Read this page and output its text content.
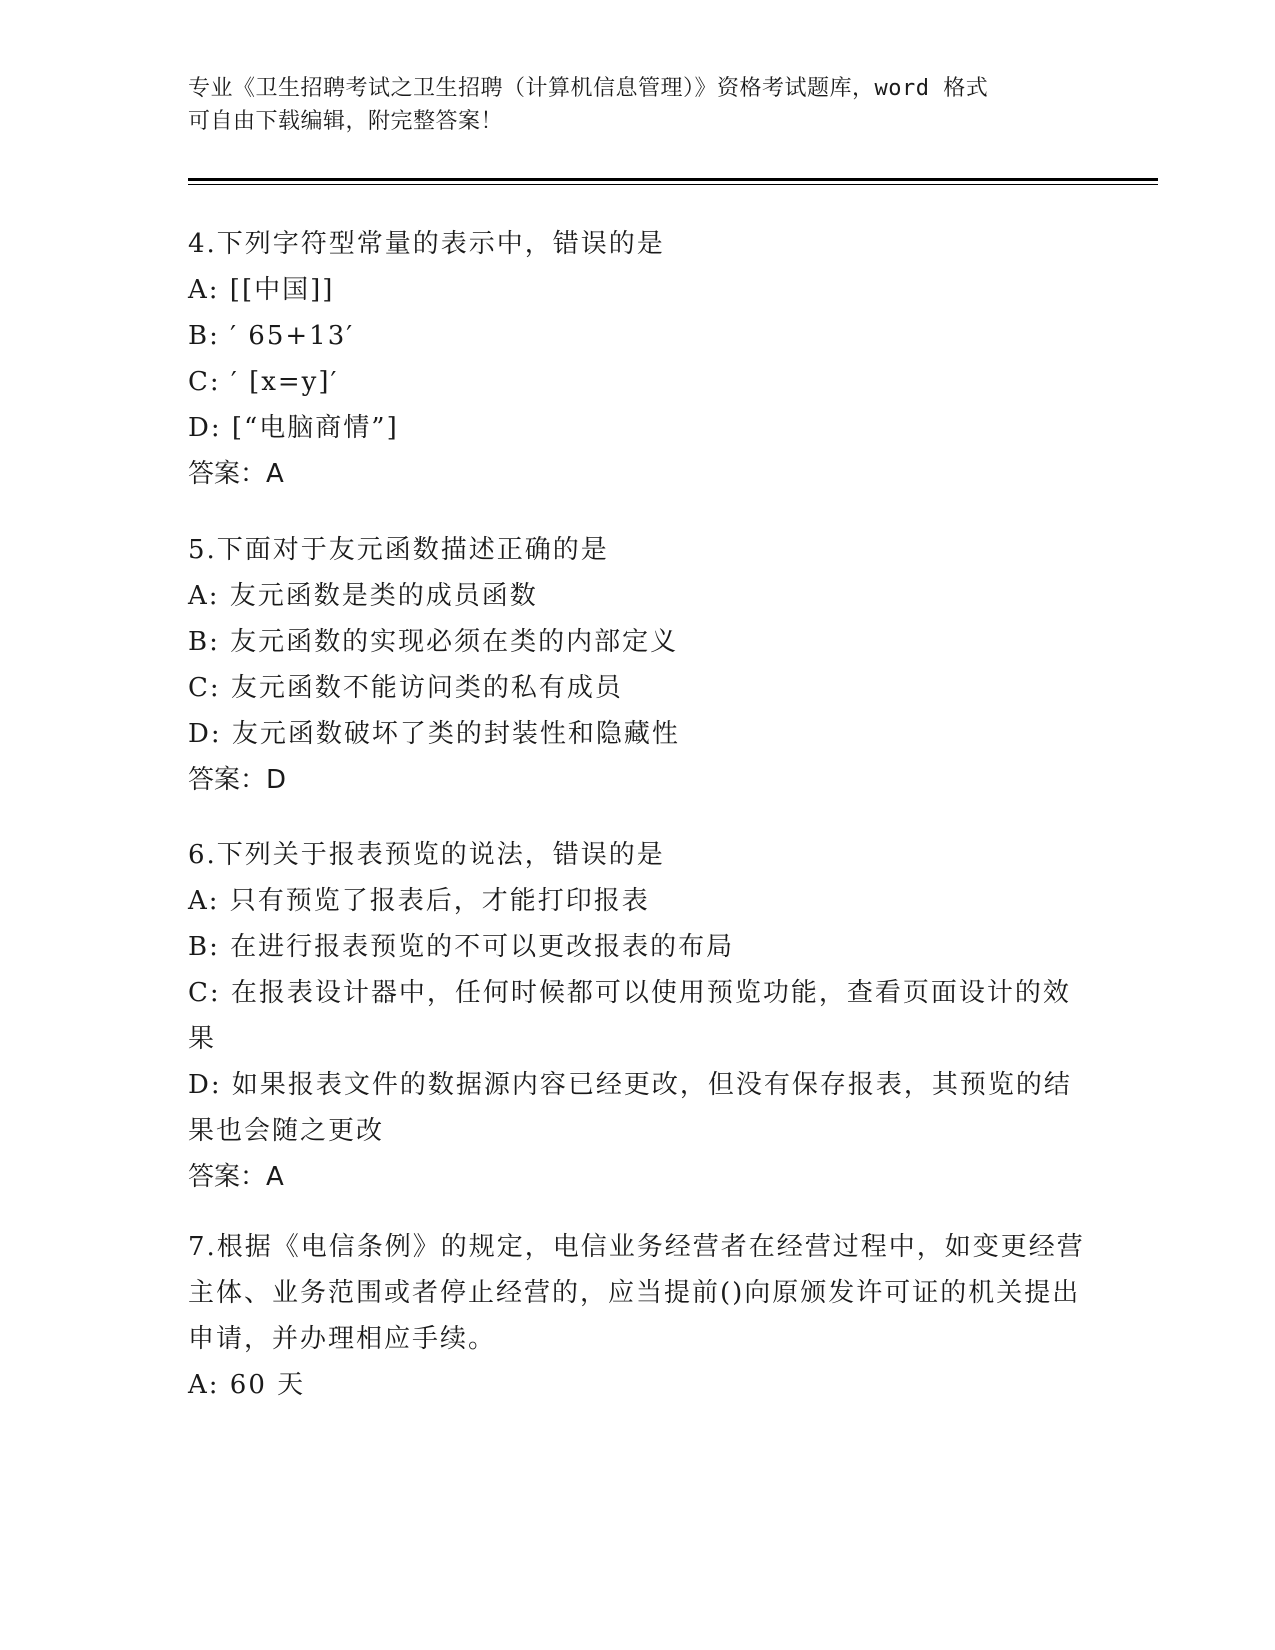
专业《卫生招聘考试之卫生招聘（计算机信息管理）》资格考试题库，word 格式
可自由下载编辑，附完整答案！
4.下列字符型常量的表示中，错误的是
A: [[中国]]
B: ′ 65+13′
C: ′ [x=y]′
D: [“电脑商情”]
答案：A
5.下面对于友元函数描述正确的是
A: 友元函数是类的成员函数
B: 友元函数的实现必须在类的内部定义
C: 友元函数不能访问类的私有成员
D: 友元函数破坏了类的封装性和隐藏性
答案：D
6.下列关于报表预览的说法，错误的是
A: 只有预览了报表后，才能打印报表
B: 在进行报表预览的不可以更改报表的布局
C: 在报表设计器中，任何时候都可以使用预览功能，查看页面设计的效果
D: 如果报表文件的数据源内容已经更改，但没有保存报表，其预览的结果也会随之更改
答案：A
7.根据《电信条例》的规定，电信业务经营者在经营过程中，如变更经营主体、业务范围或者停止经营的，应当提前()向原颁发许可证的机关提出申请，并办理相应手续。
A: 60 天
